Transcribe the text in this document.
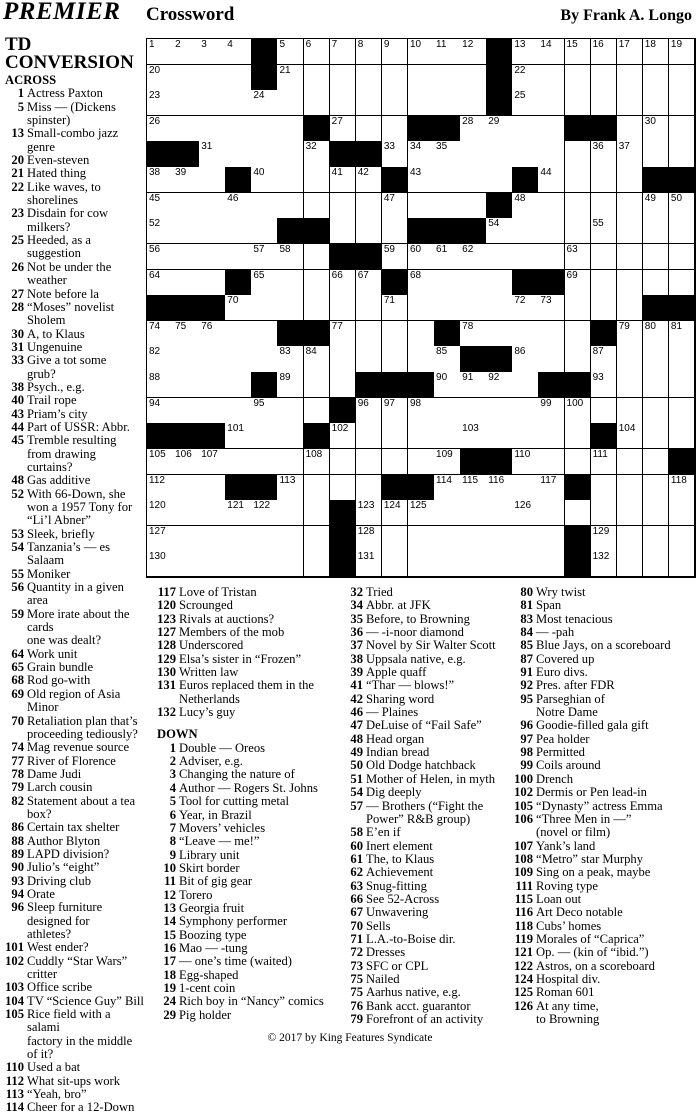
PREMIER Crossword	By Frank A. Longo
TD CONVERSION
1 2 3 4	5 6 7 8 9 10 11 12	13 14 15 16 17 18 19
20	21	22
23	24	25
26	27	28 29	30
31	32	33 34 35	36 37
38 39	40	41 42	43	44
45	46	47	48	49 50
52	54	55
56	57 58	59 60 61 62	63
64	65	66 67	68	69
70	71	72 73
74 75 76	77	78	79 80 81
82	83 84	85	86	87
88	89	90 91 92	93
94	95	96 97 98	99 100
101	102	103	104
105 106 107	108	109	110	111
112	113	114 115 116	117	118
120	121 122	123 124 125	126
127	128	129
130	131	132
ACROSS
1 Actress Paxton
5 Miss — (Dickens
spinster)
13 Small-combo jazz
genre
20 Even-steven
21 Hated thing
22 Like waves, to
shorelines
23 Disdain for cow
milkers?
25 Heeded, as a
suggestion
26 Not be under the
weather
27 Note before la
28 “Moses” novelist
Sholem
30 A, to Klaus
31 Ungenuine
33 Give a tot some
grub?
38 Psych., e.g.
40 Trail rope
43 Priam’s city
44 Part of USSR: Abbr.
45 Tremble resulting
from drawing
curtains?
48 Gas additive
52 With 66-Down, she
won a 1957 Tony for
“Li’l Abner”
53 Sleek, briefly
54 Tanzania’s — es
Salaam
55 Moniker
56 Quantity in a given
area
59 More irate about the cards
one was dealt?
64 Work unit
65 Grain bundle
68 Rod go-with
69 Old region of Asia Minor
70 Retaliation plan that’s
proceeding tediously?
74 Mag revenue source
77 River of Florence
78 Dame Judi
79 Larch cousin
82 Statement about a tea box?
86 Certain tax shelter
88 Author Blyton
89 LAPD division?
90 Julio’s “eight”
93 Driving club
94 Orate
96 Sleep furniture designed for
athletes?
101 West ender?
102 Cuddly “Star Wars” critter
103 Office scribe
104 TV “Science Guy” Bill
105 Rice field with a salami
factory in the middle of it?
110 Used a bat
112 What sit-ups work
113 “Yeah, bro”
114 Cheer for a 12-Down
117 Love of Tristan
120 Scrounged
123 Rivals at auctions?
127 Members of the mob
128 Underscored
129 Elsa’s sister in “Frozen”
130 Written law
131 Euros replaced them in the
Netherlands
132 Lucy’s guy
DOWN
1 Double — Oreos
2 Adviser, e.g.
3 Changing the nature of
4 Author — Rogers St. Johns
5 Tool for cutting metal
6 Year, in Brazil
7 Movers’ vehicles
8 “Leave — me!”
9 Library unit
10 Skirt border
11 Bit of gig gear
12 Torero
13 Georgia fruit
14 Symphony performer
15 Boozing type
16 Mao — -tung
17 — one’s time (waited)
18 Egg-shaped
19 1-cent coin
24 Rich boy in “Nancy” comics
29 Pig holder
32 Tried
34 Abbr. at JFK
35 Before, to Browning
36 — -i-noor diamond
37 Novel by Sir Walter Scott
38 Uppsala native, e.g.
39 Apple quaff
41 “Thar — blows!”
42 Sharing word
46 — Plaines
47 DeLuise of “Fail Safe”
48 Head organ
49 Indian bread
50 Old Dodge hatchback
51 Mother of Helen, in myth
54 Dig deeply
57 — Brothers (“Fight the
Power” R&B group)
58 E’en if
60 Inert element
61 The, to Klaus
62 Achievement
63 Snug-fitting
66 See 52-Across
67 Unwavering
70 Sells
71 L.A.-to-Boise dir.
72 Dresses
73 SFC or CPL
75 Nailed
75 Aarhus native, e.g.
76 Bank acct. guarantor
79 Forefront of an activity
80 Wry twist
81 Span
83 Most tenacious
84 — -pah
85 Blue Jays, on a scoreboard
87 Covered up
91 Euro divs.
92 Pres. after FDR
95 Parseghian of
Notre Dame
96 Goodie-filled gala gift
97 Pea holder
98 Permitted
99 Coils around
100 Drench
102 Dermis or Pen lead-in
105 “Dynasty” actress Emma
106 “Three Men in —”
(novel or film)
107 Yank’s land
108 “Metro” star Murphy
109 Sing on a peak, maybe
111 Roving type
115 Loan out
116 Art Deco notable
118 Cubs’ homes
119 Morales of “Caprica”
121 Op. — (kin of “ibid.”)
122 Astros, on a scoreboard
124 Hospital div.
125 Roman 601
126 At any time,
to Browning
© 2017 by King Features Syndicate
